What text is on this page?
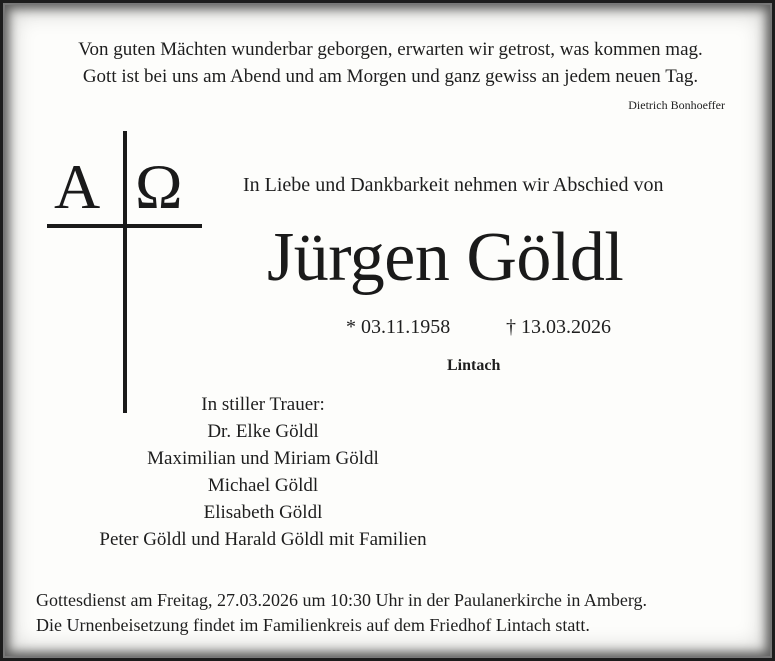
Von guten Mächten wunderbar geborgen, erwarten wir getrost, was kommen mag.
Gott ist bei uns am Abend und am Morgen und ganz gewiss an jedem neuen Tag.
Dietrich Bonhoeffer
A Ω	In Liebe und Dankbarkeit nehmen wir Abschied von
Jürgen Göldl
* 03.11.1958	† 13.03.2026
Lintach
In stiller Trauer:
Dr. Elke Göldl
Maximilian und Miriam Göldl
Michael Göldl
Elisabeth Göldl
Peter Göldl und Harald Göldl mit Familien
Gottesdienst am Freitag, 27.03.2026 um 10:30 Uhr in der Paulanerkirche in Amberg.
Die Urnenbeisetzung findet im Familienkreis auf dem Friedhof Lintach statt.
